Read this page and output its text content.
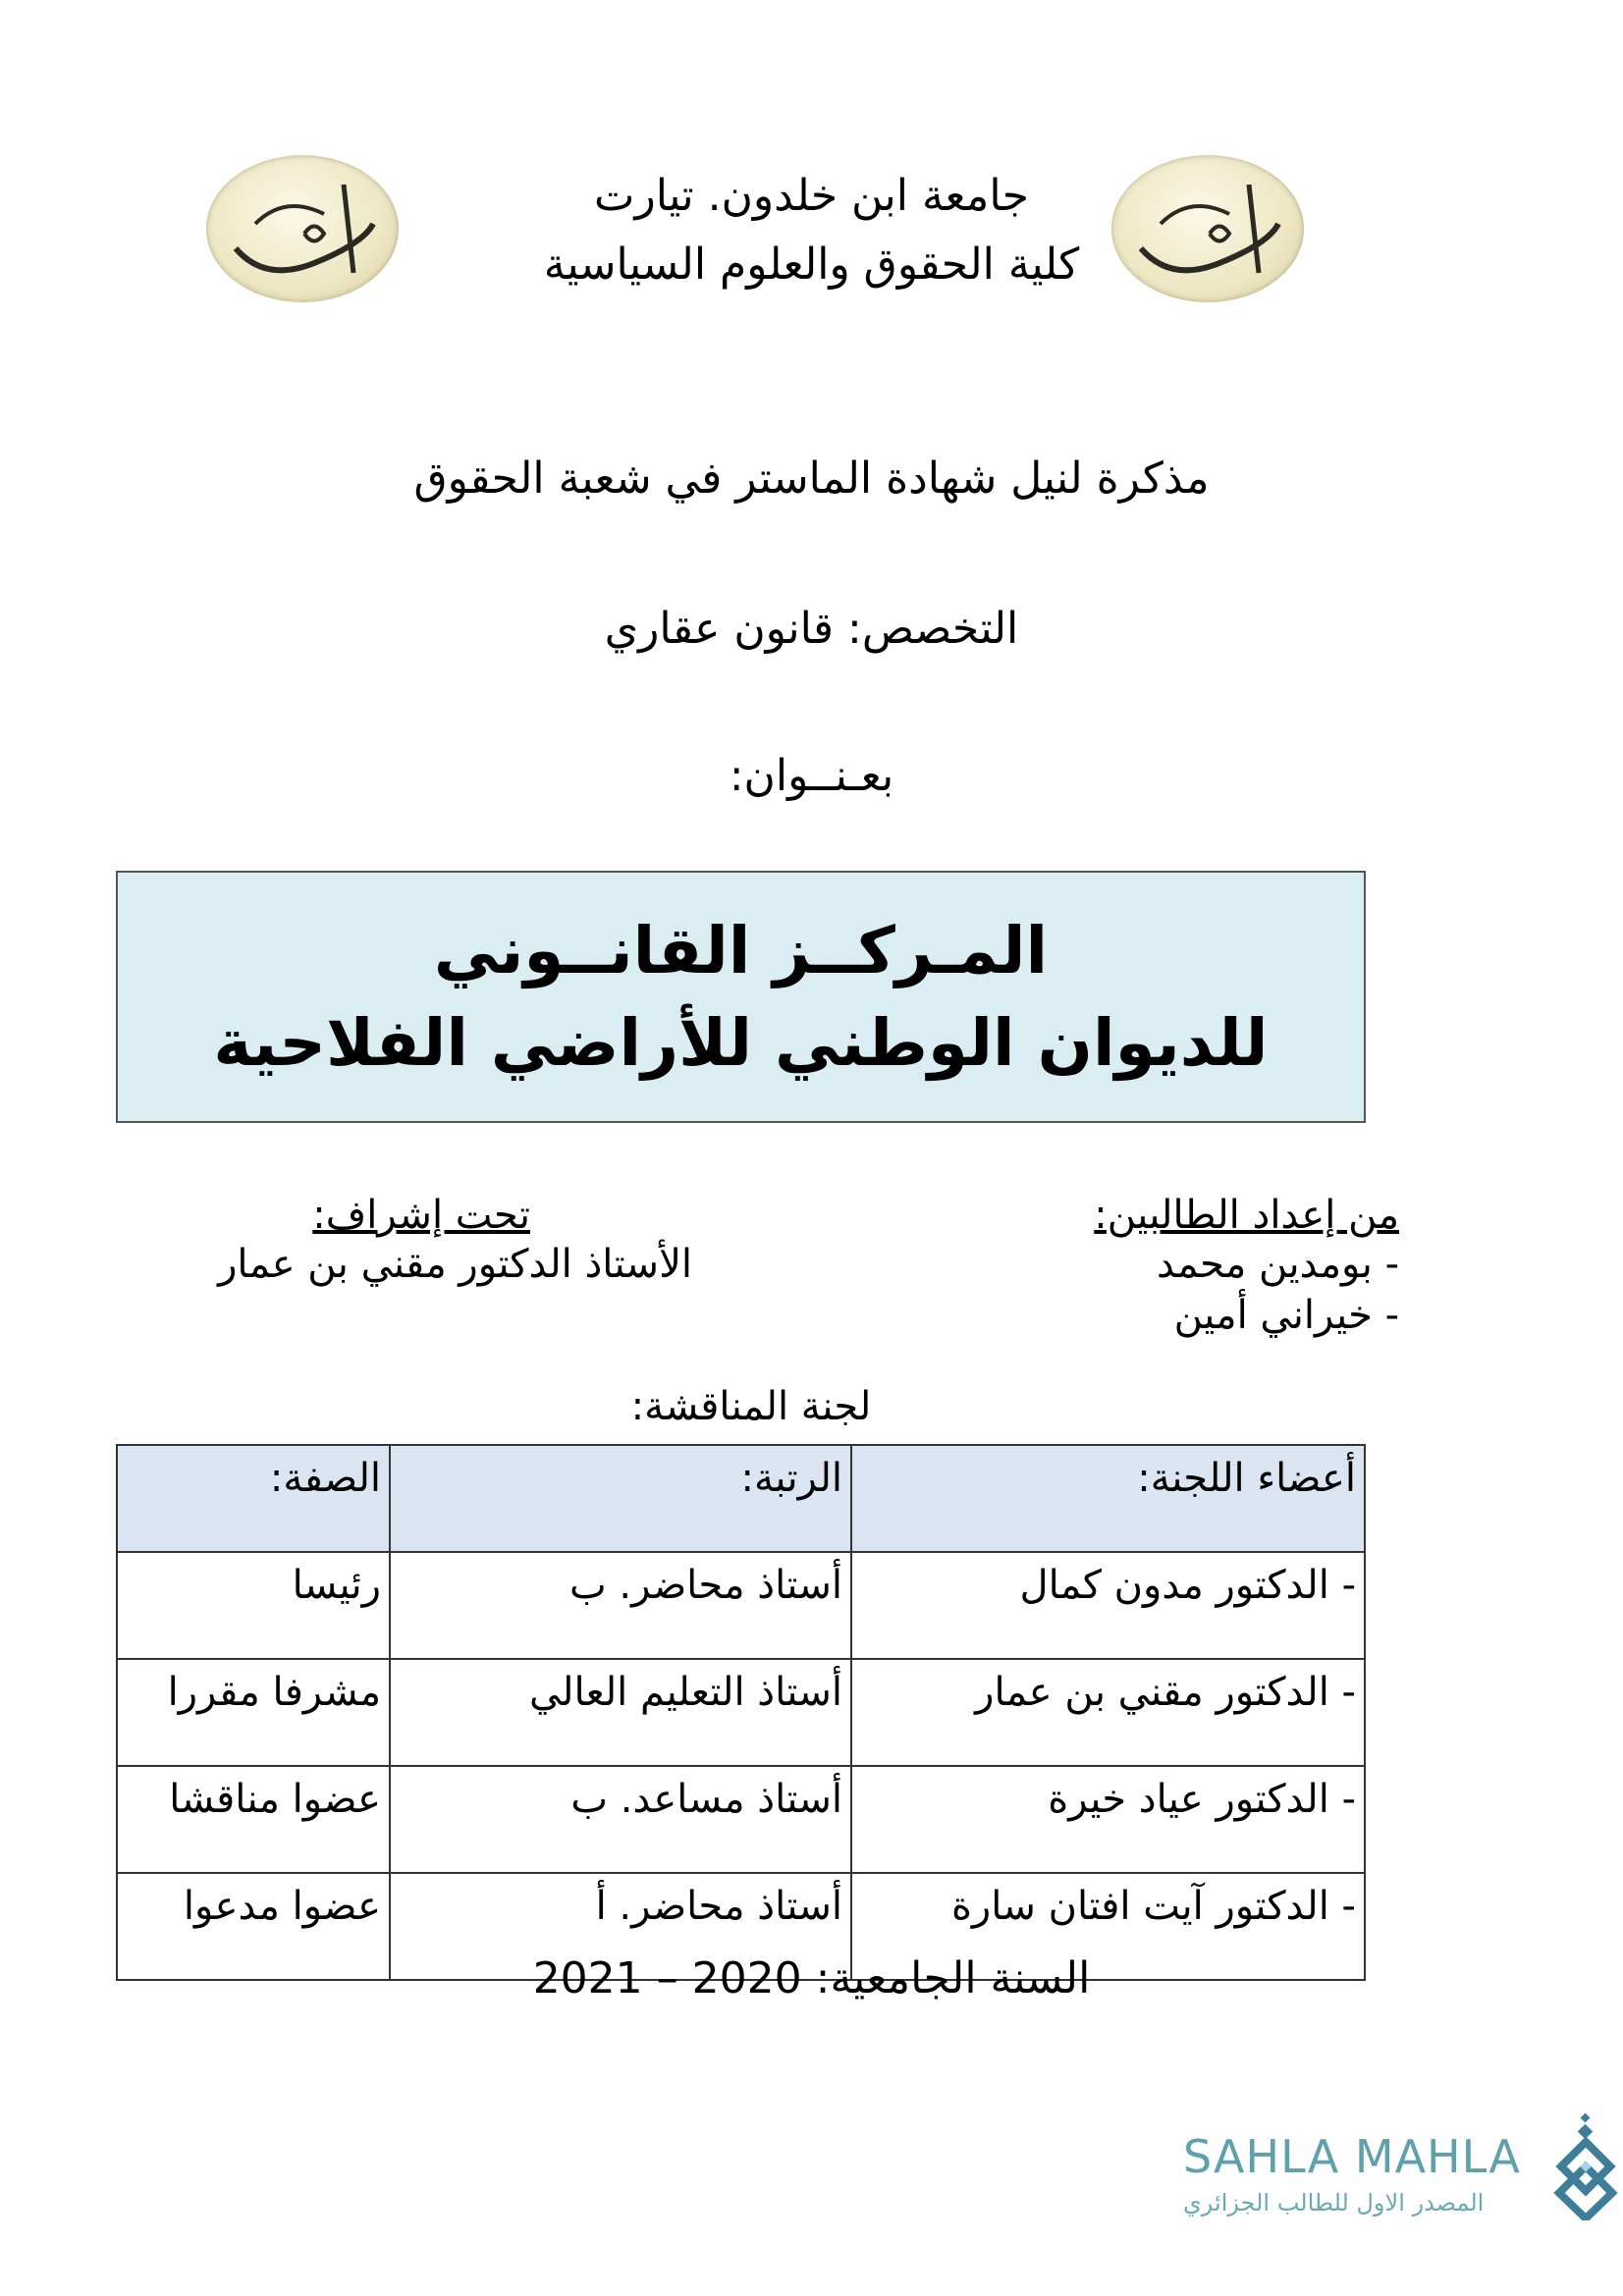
جامعة ابن خلدون. تيارت
كلية الحقوق والعلوم السياسية
مذكرة لنيل شهادة الماستر في شعبة الحقوق
التخصص: قانون عقاري
بعـنــوان:
المـركــز القانــوني
للديوان الوطني للأراضي الفلاحية
من إعداد الطالبين:
- بومدين محمد
- خيراني أمين
تحت إشراف:
الأستاذ الدكتور مقني بن عمار
لجنة المناقشة:
أعضاء اللجنة:	الرتبة:	الصفة:
- الدكتور مدون كمال	أستاذ محاضر. ب	رئيسا
- الدكتور مقني بن عمار	أستاذ التعليم العالي	مشرفا مقررا
- الدكتور عياد خيرة	أستاذ مساعد. ب	عضوا مناقشا
- الدكتور آيت افتان سارة	أستاذ محاضر. أ	عضوا مدعوا
السنة الجامعية: 2020 – 2021
SAHLA MAHLA
المصدر الاول للطالب الجزائري
